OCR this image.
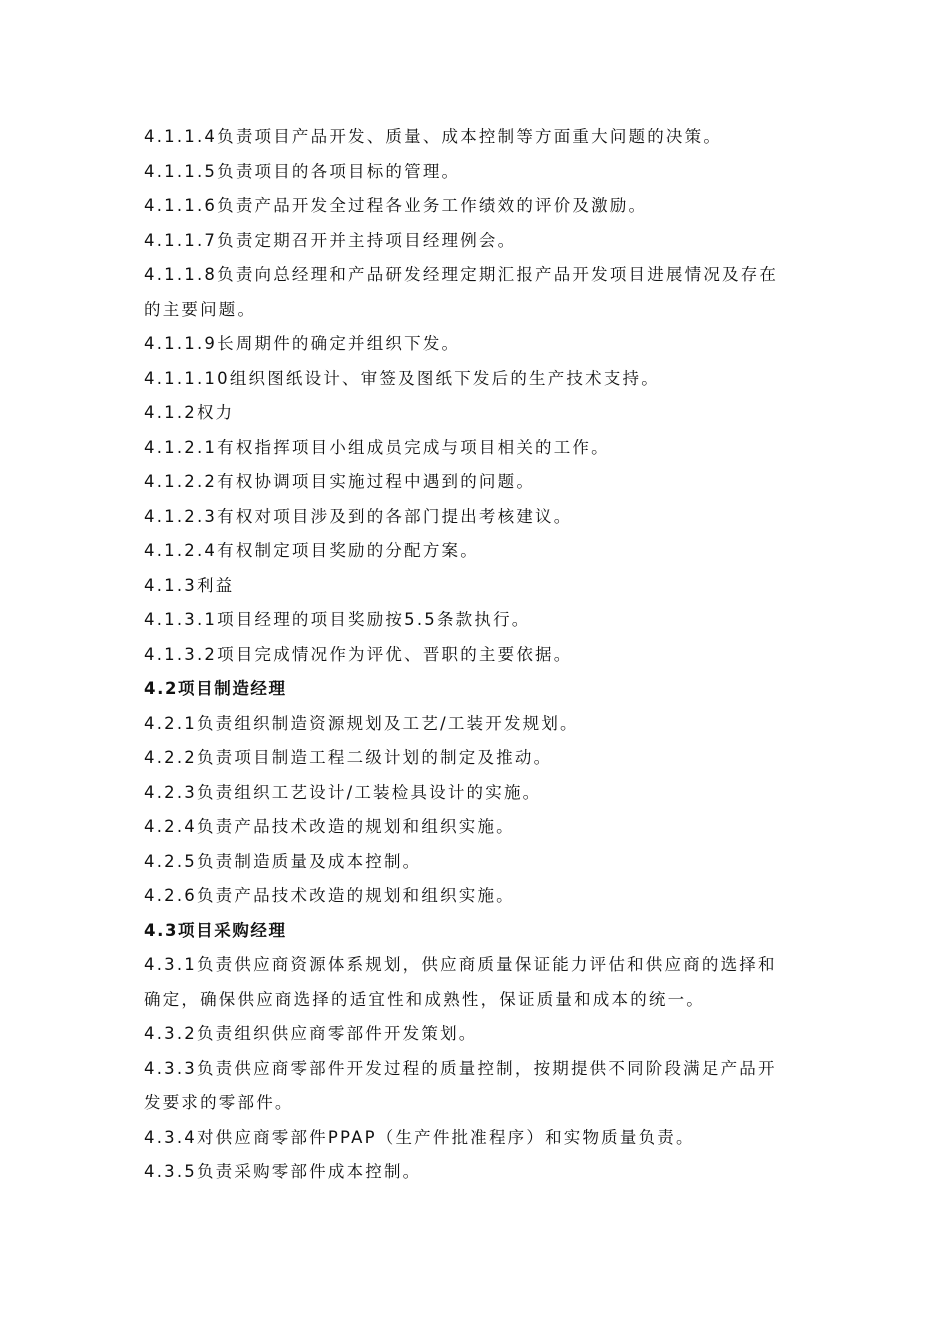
4.1.1.4负责项目产品开发、质量、成本控制等方面重大问题的决策。
4.1.1.5负责项目的各项目标的管理。
4.1.1.6负责产品开发全过程各业务工作绩效的评价及激励。
4.1.1.7负责定期召开并主持项目经理例会。
4.1.1.8负责向总经理和产品研发经理定期汇报产品开发项目进展情况及存在
的主要问题。
4.1.1.9长周期件的确定并组织下发。
4.1.1.10组织图纸设计、审签及图纸下发后的生产技术支持。
4.1.2权力
4.1.2.1有权指挥项目小组成员完成与项目相关的工作。
4.1.2.2有权协调项目实施过程中遇到的问题。
4.1.2.3有权对项目涉及到的各部门提出考核建议。
4.1.2.4有权制定项目奖励的分配方案。
4.1.3利益
4.1.3.1项目经理的项目奖励按5.5条款执行。
4.1.3.2项目完成情况作为评优、晋职的主要依据。
4.2项目制造经理
4.2.1负责组织制造资源规划及工艺/工装开发规划。
4.2.2负责项目制造工程二级计划的制定及推动。
4.2.3负责组织工艺设计/工装检具设计的实施。
4.2.4负责产品技术改造的规划和组织实施。
4.2.5负责制造质量及成本控制。
4.2.6负责产品技术改造的规划和组织实施。
4.3项目采购经理
4.3.1负责供应商资源体系规划，供应商质量保证能力评估和供应商的选择和
确定，确保供应商选择的适宜性和成熟性，保证质量和成本的统一。
4.3.2负责组织供应商零部件开发策划。
4.3.3负责供应商零部件开发过程的质量控制，按期提供不同阶段满足产品开
发要求的零部件。
4.3.4对供应商零部件PPAP（生产件批准程序）和实物质量负责。
4.3.5负责采购零部件成本控制。
